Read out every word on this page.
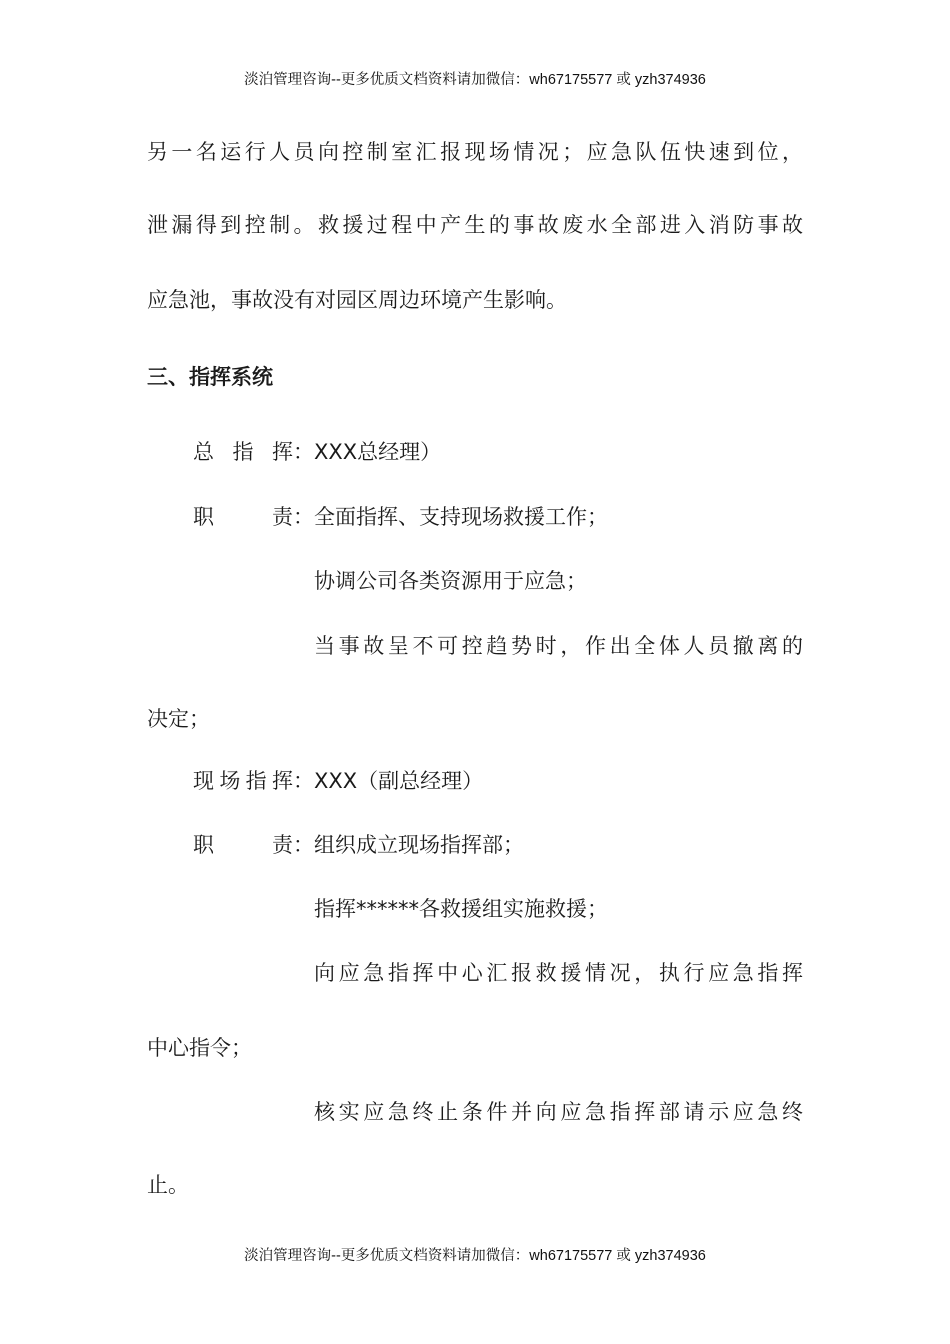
淡泊管理咨询--更多优质文档资料请加微信：wh67175577 或 yzh374936
另一名运行人员向控制室汇报现场情况；应急队伍快速到位，
泄漏得到控制。救援过程中产生的事故废水全部进入消防事故
应急池，事故没有对园区周边环境产生影响。
三、指挥系统
总 指 挥：XXX总经理）
职 责：全面指挥、支持现场救援工作；
协调公司各类资源用于应急；
当事故呈不可控趋势时，作出全体人员撤离的
决定；
现场指挥：XXX（副总经理）
职 责：组织成立现场指挥部；
指挥******各救援组实施救援；
向应急指挥中心汇报救援情况，执行应急指挥
中心指令；
核实应急终止条件并向应急指挥部请示应急终
止。
淡泊管理咨询--更多优质文档资料请加微信：wh67175577 或 yzh374936
